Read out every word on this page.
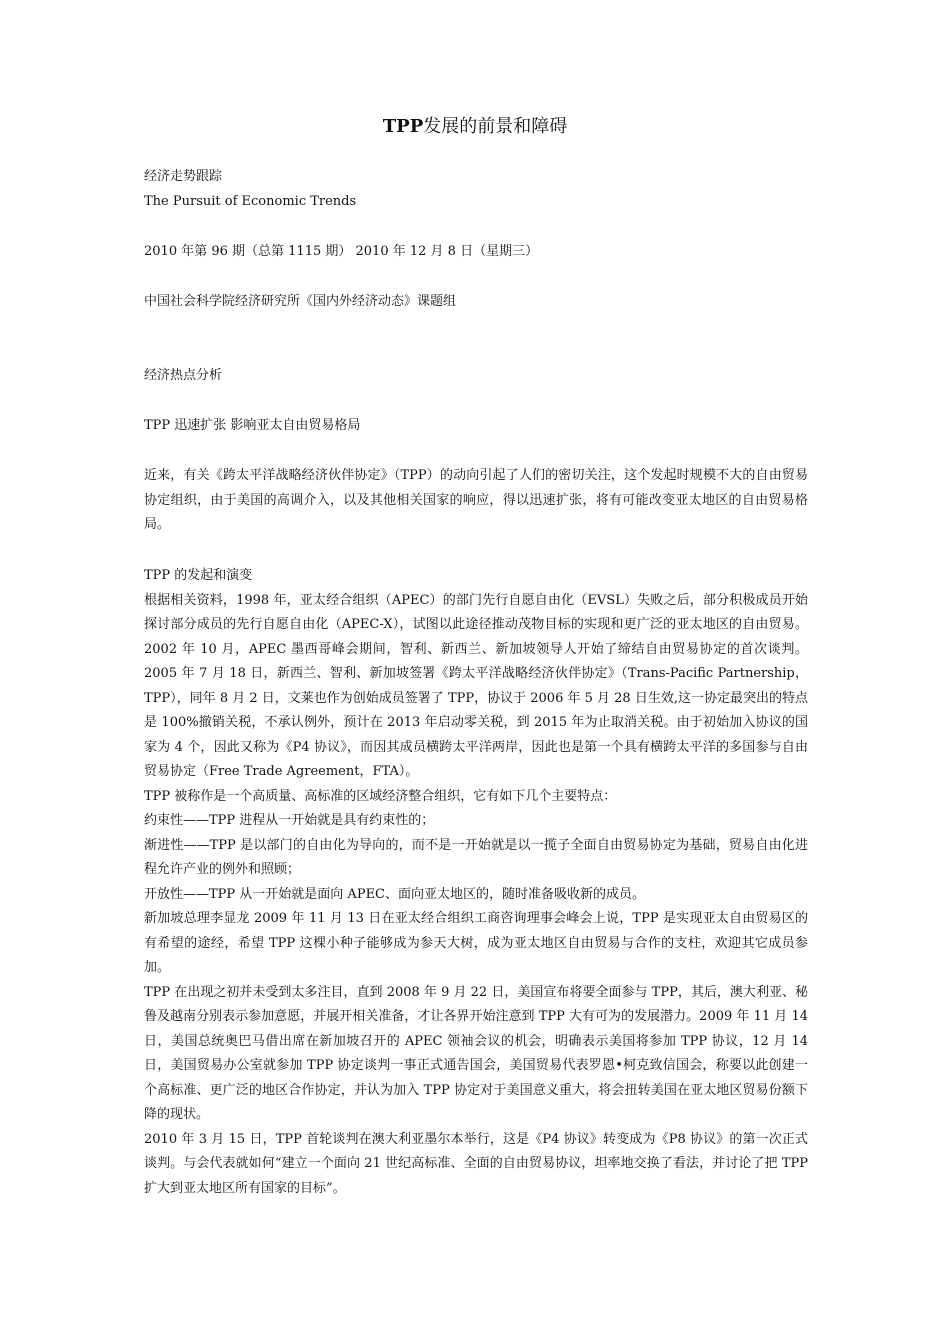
TPP发展的前景和障碍

经济走势跟踪

The Pursuit of Economic Trends

2010 年第 96 期（总第 1115 期） 2010 年 12 月 8 日（星期三）

中国社会科学院经济研究所《国内外经济动态》课题组

经济热点分析

TPP 迅速扩张 影响亚太自由贸易格局

近来，有关《跨太平洋战略经济伙伴协定》（TPP）的动向引起了人们的密切关注，这个发起时规模不大的自由贸易协定组织，由于美国的高调介入，以及其他相关国家的响应，得以迅速扩张，将有可能改变亚太地区的自由贸易格局。

TPP 的发起和演变

根据相关资料，1998 年，亚太经合组织（APEC）的部门先行自愿自由化（EVSL）失败之后，部分积极成员开始探讨部分成员的先行自愿自由化（APEC-X），试图以此途径推动茂物目标的实现和更广泛的亚太地区的自由贸易。2002 年 10 月，APEC 墨西哥峰会期间，智利、新西兰、新加坡领导人开始了缔结自由贸易协定的首次谈判。2005 年 7 月 18 日，新西兰、智利、新加坡签署《跨太平洋战略经济伙伴协定》（Trans-Pacific Partnership，TPP），同年 8 月 2 日，文莱也作为创始成员签署了 TPP，协议于 2006 年 5 月 28 日生效,这一协定最突出的特点是 100%撤销关税，不承认例外，预计在 2013 年启动零关税，到 2015 年为止取消关税。由于初始加入协议的国家为 4 个，因此又称为《P4 协议》，而因其成员横跨太平洋两岸，因此也是第一个具有横跨太平洋的多国参与自由贸易协定（Free Trade Agreement，FTA）。

TPP 被称作是一个高质量、高标准的区域经济整合组织，它有如下几个主要特点：

约束性——TPP 进程从一开始就是具有约束性的；

渐进性——TPP 是以部门的自由化为导向的，而不是一开始就是以一揽子全面自由贸易协定为基础，贸易自由化进程允许产业的例外和照顾；

开放性——TPP 从一开始就是面向 APEC、面向亚太地区的，随时准备吸收新的成员。

新加坡总理李显龙 2009 年 11 月 13 日在亚太经合组织工商咨询理事会峰会上说，TPP 是实现亚太自由贸易区的有希望的途经，希望 TPP 这棵小种子能够成为参天大树，成为亚太地区自由贸易与合作的支柱，欢迎其它成员参加。

TPP 在出现之初并未受到太多注目，直到 2008 年 9 月 22 日，美国宣布将要全面参与 TPP，其后，澳大利亚、秘鲁及越南分别表示参加意愿，并展开相关准备，才让各界开始注意到 TPP 大有可为的发展潜力。2009 年 11 月 14 日，美国总统奥巴马借出席在新加坡召开的 APEC 领袖会议的机会，明确表示美国将参加 TPP 协议，12 月 14 日，美国贸易办公室就参加 TPP 协定谈判一事正式通告国会，美国贸易代表罗恩•柯克致信国会，称要以此创建一个高标准、更广泛的地区合作协定，并认为加入 TPP 协定对于美国意义重大，将会扭转美国在亚太地区贸易份额下降的现状。

2010 年 3 月 15 日，TPP 首轮谈判在澳大利亚墨尔本举行，这是《P4 协议》转变成为《P8 协议》的第一次正式谈判。与会代表就如何“建立一个面向 21 世纪高标准、全面的自由贸易协议，坦率地交换了看法，并讨论了把 TPP 扩大到亚太地区所有国家的目标”。
